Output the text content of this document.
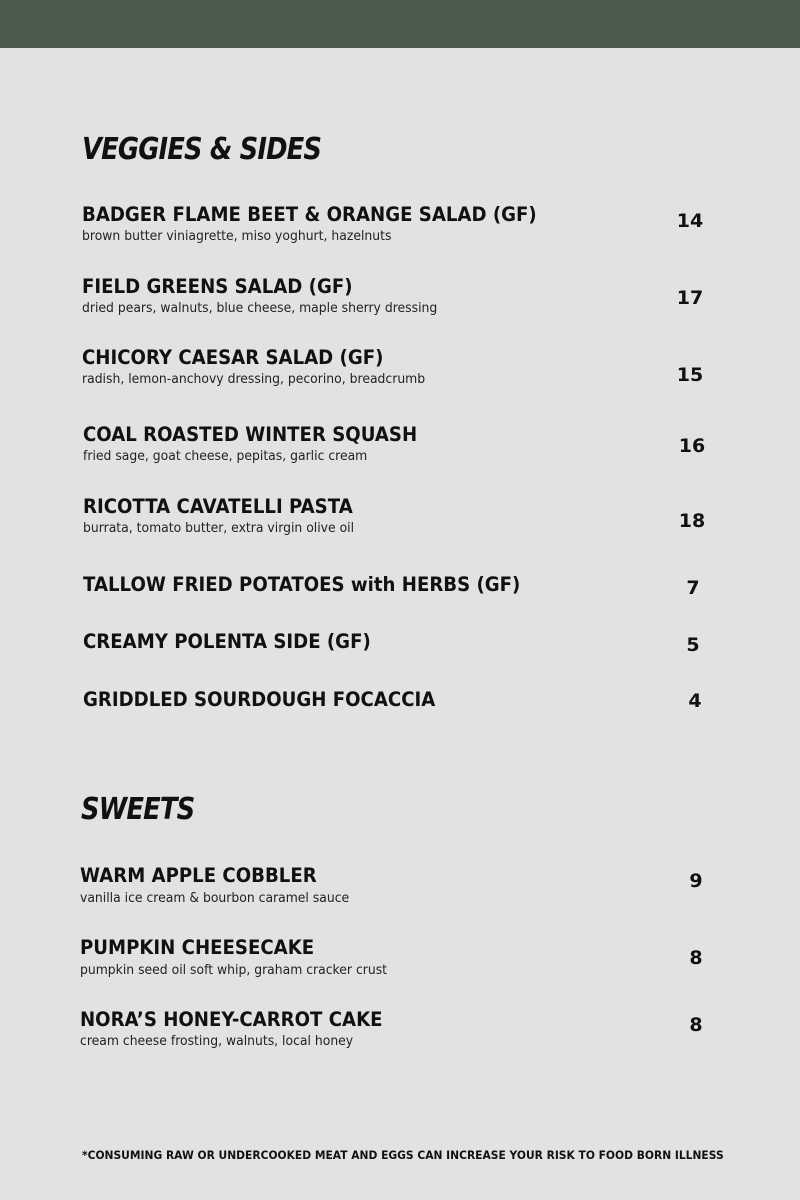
VEGGIES & SIDES
BADGER FLAME BEET & ORANGE SALAD (GF)
brown butter viniagrette, miso yoghurt, hazelnuts
14
FIELD GREENS SALAD (GF)
dried pears, walnuts, blue cheese, maple sherry dressing	17
CHICORY CAESAR SALAD (GF)
radish, lemon-anchovy dressing, pecorino, breadcrumb	15
COAL ROASTED WINTER SQUASH
fried sage, goat cheese, pepitas, garlic cream	16
RICOTTA CAVATELLI PASTA
burrata, tomato butter, extra virgin olive oil	18
TALLOW FRIED POTATOES with HERBS (GF)	7
CREAMY POLENTA SIDE (GF)	5
GRIDDLED SOURDOUGH FOCACCIA	4
SWEETS
WARM APPLE COBBLER
vanilla ice cream & bourbon caramel sauce
9
PUMPKIN CHEESECAKE
pumpkin seed oil soft whip, graham cracker crust
8
NORA’S HONEY-CARROT CAKE
cream cheese frosting, walnuts, local honey
8
*CONSUMING RAW OR UNDERCOOKED MEAT AND EGGS CAN INCREASE YOUR RISK TO FOOD BORN ILLNESS
